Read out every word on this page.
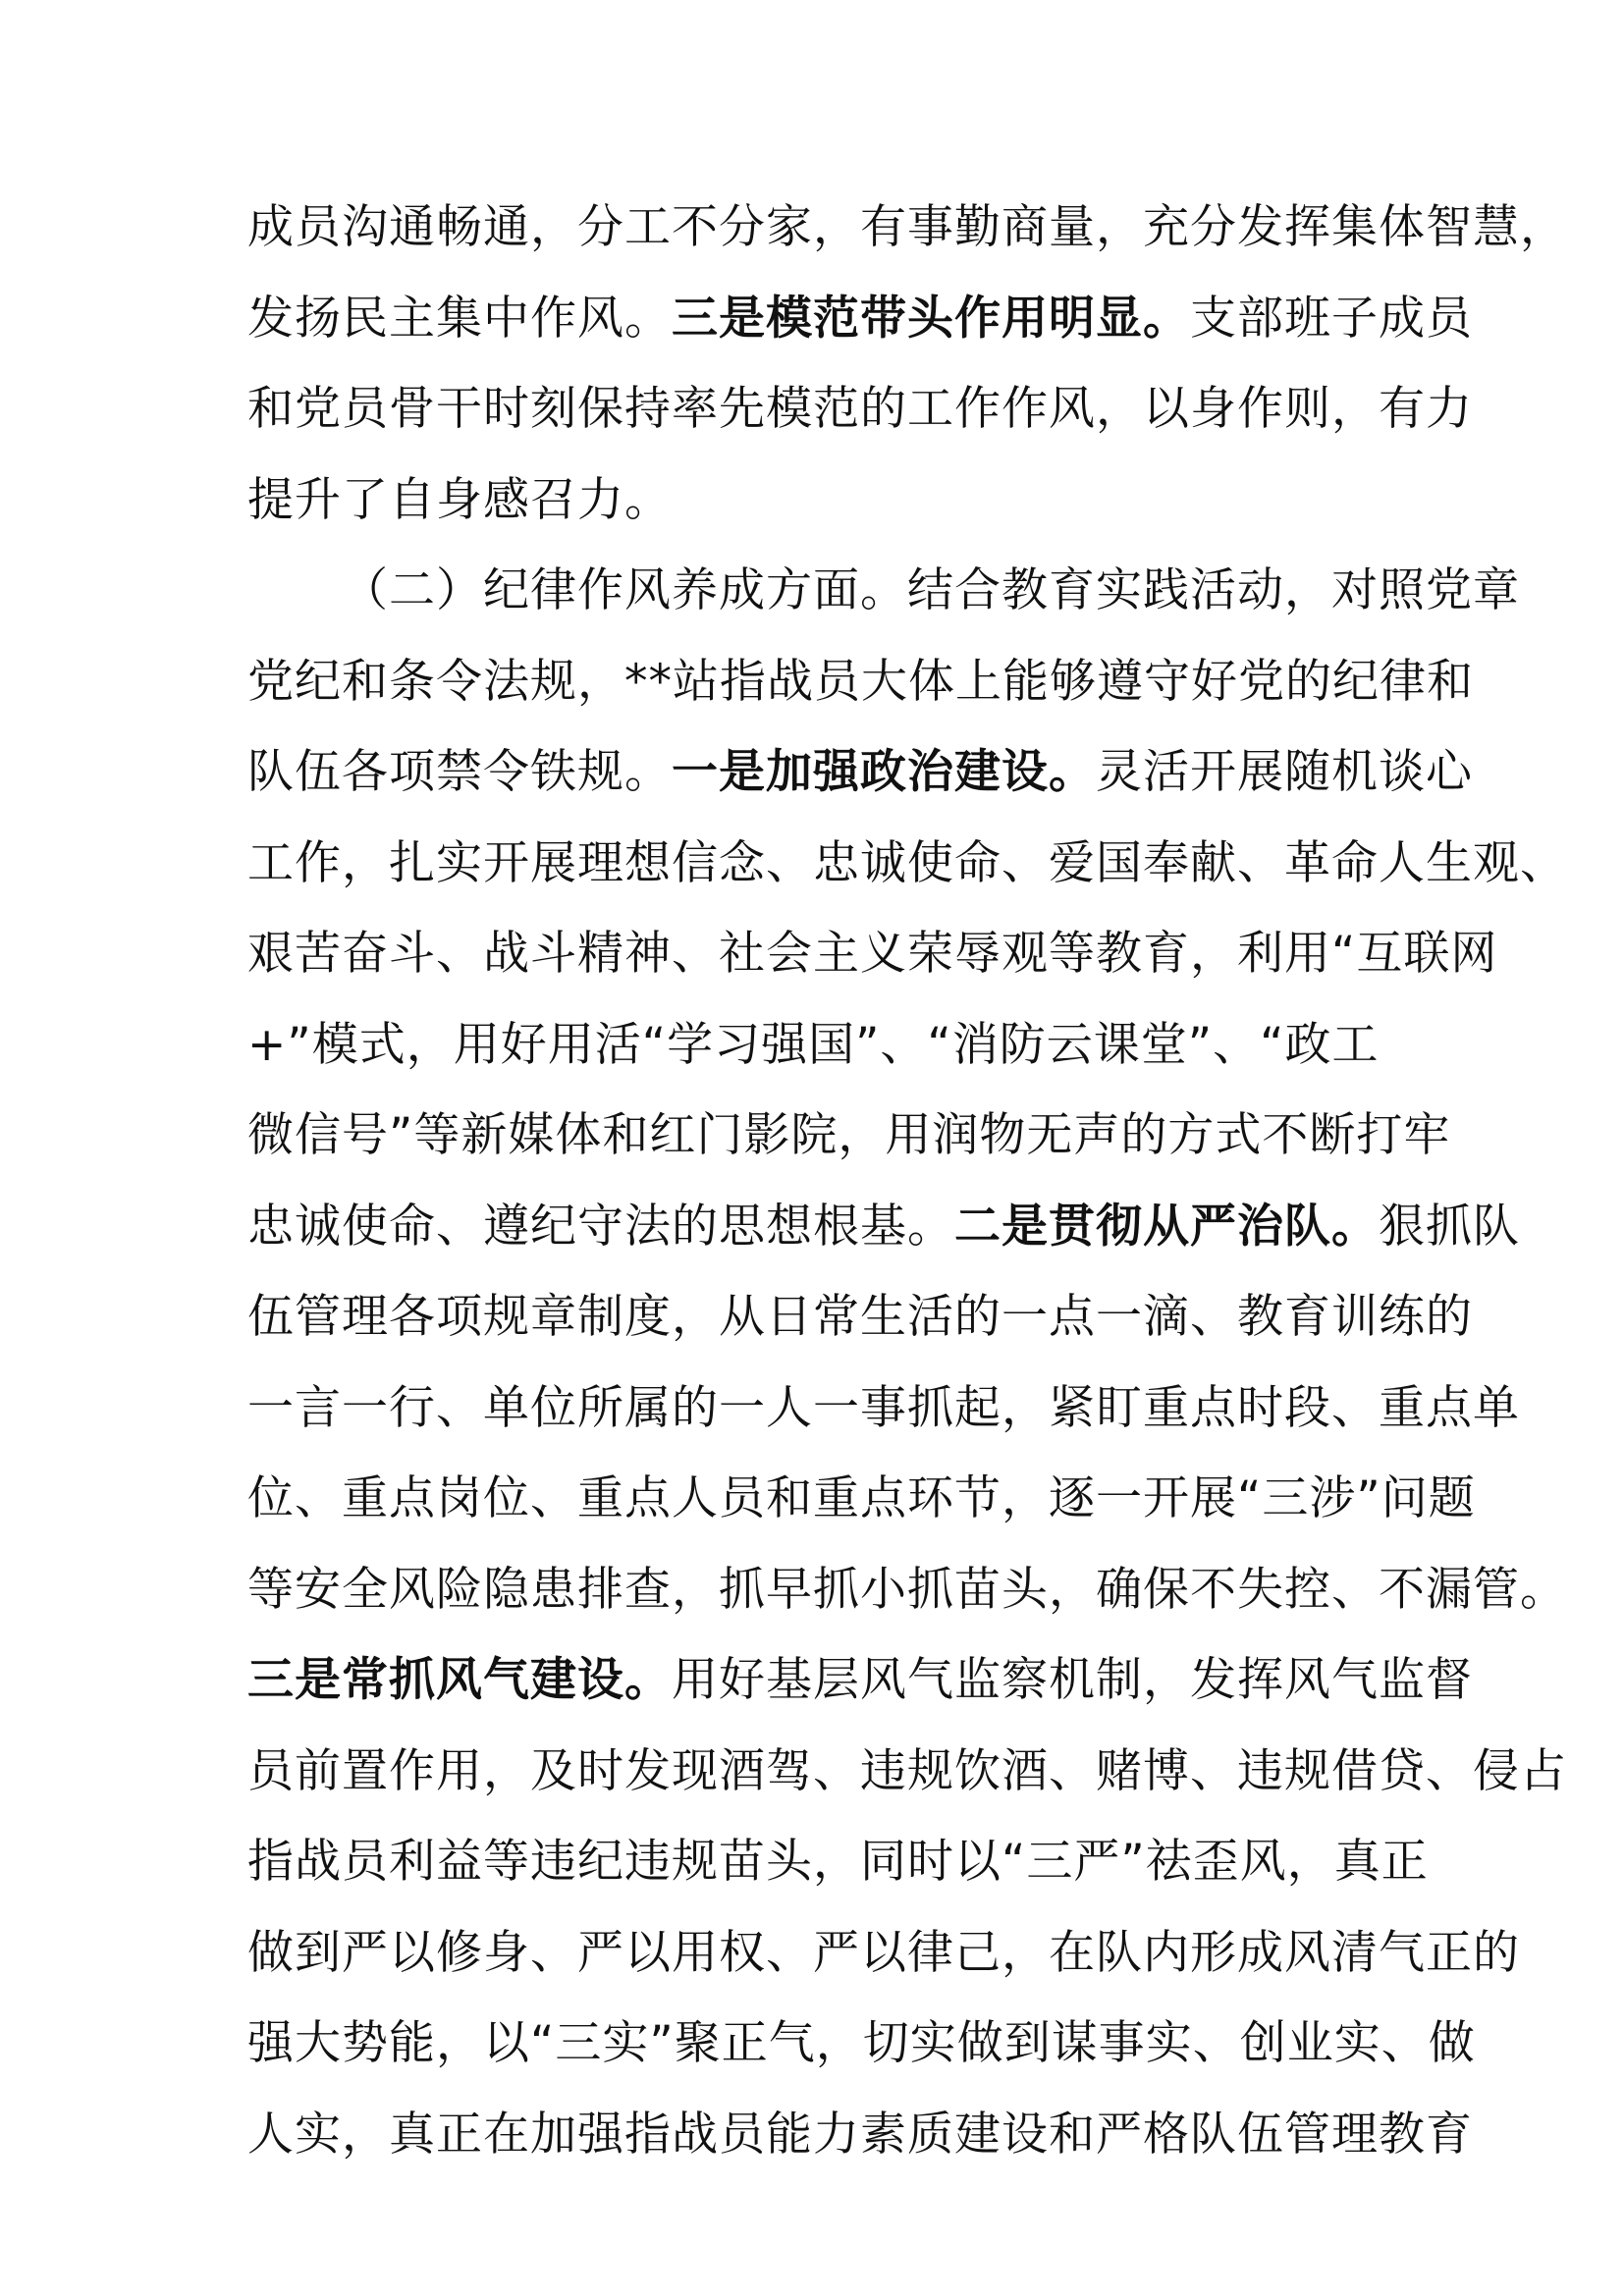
成员沟通畅通，分工不分家，有事勤商量，充分发挥集体智慧，
发扬民主集中作风。三是模范带头作用明显。支部班子成员
和党员骨干时刻保持率先模范的工作作风，以身作则，有力
提升了自身感召力。
（二）纪律作风养成方面。结合教育实践活动，对照党章
党纪和条令法规，**站指战员大体上能够遵守好党的纪律和
队伍各项禁令铁规。一是加强政治建设。灵活开展随机谈心
工作，扎实开展理想信念、忠诚使命、爱国奉献、革命人生观、
艰苦奋斗、战斗精神、社会主义荣辱观等教育，利用“互联网
+”模式，用好用活“学习强国”、“消防云课堂”、“政工
微信号”等新媒体和红门影院，用润物无声的方式不断打牢
忠诚使命、遵纪守法的思想根基。二是贯彻从严治队。狠抓队
伍管理各项规章制度，从日常生活的一点一滴、教育训练的
一言一行、单位所属的一人一事抓起，紧盯重点时段、重点单
位、重点岗位、重点人员和重点环节，逐一开展“三涉”问题
等安全风险隐患排查，抓早抓小抓苗头，确保不失控、不漏管。
三是常抓风气建设。用好基层风气监察机制，发挥风气监督
员前置作用，及时发现酒驾、违规饮酒、赌博、违规借贷、侵占
指战员利益等违纪违规苗头，同时以“三严”祛歪风，真正
做到严以修身、严以用权、严以律己，在队内形成风清气正的
强大势能，以“三实”聚正气，切实做到谋事实、创业实、做
人实，真正在加强指战员能力素质建设和严格队伍管理教育
